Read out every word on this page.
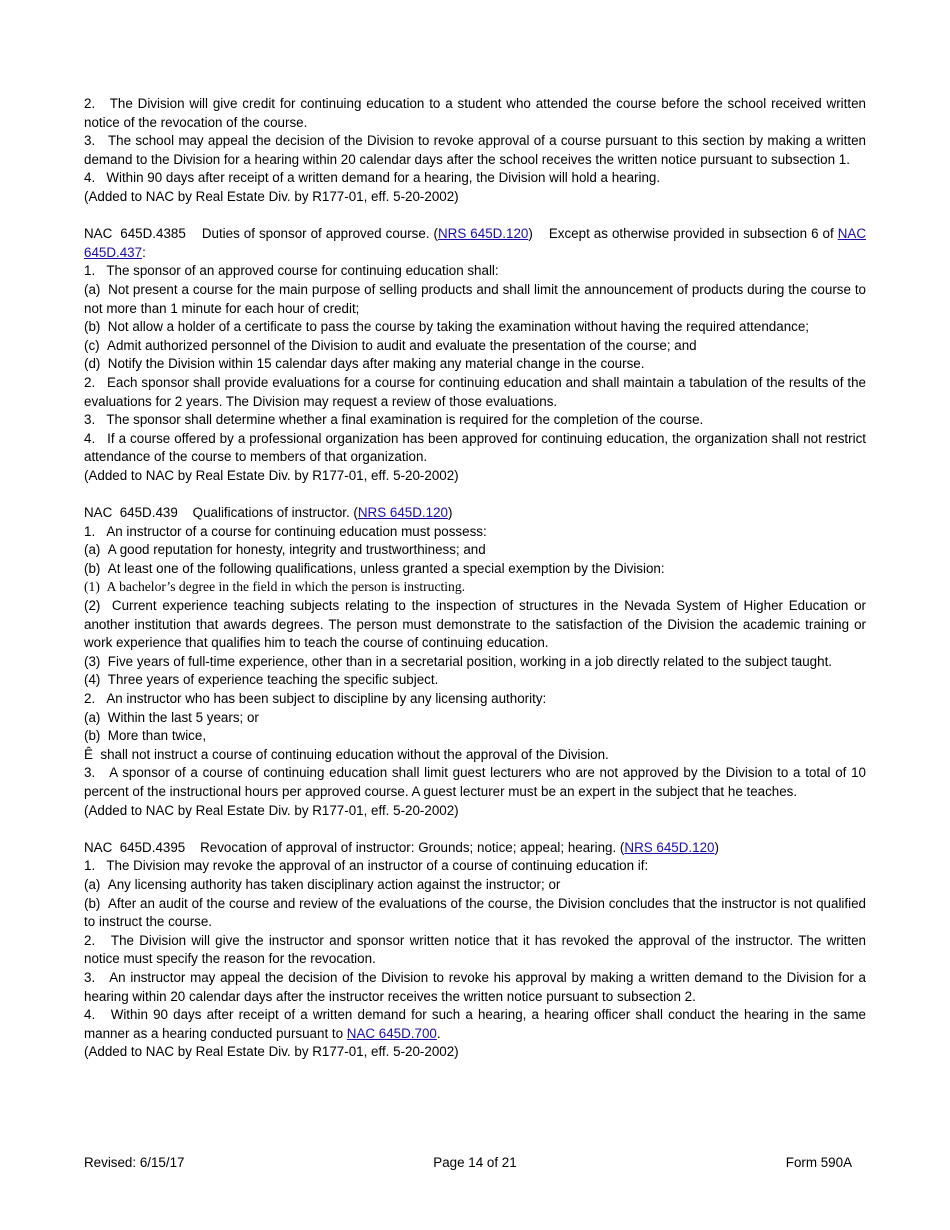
2.   The Division will give credit for continuing education to a student who attended the course before the school received written notice of the revocation of the course.

3.   The school may appeal the decision of the Division to revoke approval of a course pursuant to this section by making a written demand to the Division for a hearing within 20 calendar days after the school receives the written notice pursuant to subsection 1.

4.   Within 90 days after receipt of a written demand for a hearing, the Division will hold a hearing.

(Added to NAC by Real Estate Div. by R177-01, eff. 5-20-2002)

NAC  645D.4385    Duties of sponsor of approved course. (NRS 645D.120)    Except as otherwise provided in subsection 6 of NAC 645D.437:

1.   The sponsor of an approved course for continuing education shall:

(a)  Not present a course for the main purpose of selling products and shall limit the announcement of products during the course to not more than 1 minute for each hour of credit;

(b)  Not allow a holder of a certificate to pass the course by taking the examination without having the required attendance;

(c)  Admit authorized personnel of the Division to audit and evaluate the presentation of the course; and

(d)  Notify the Division within 15 calendar days after making any material change in the course.

2.   Each sponsor shall provide evaluations for a course for continuing education and shall maintain a tabulation of the results of the evaluations for 2 years. The Division may request a review of those evaluations.

3.   The sponsor shall determine whether a final examination is required for the completion of the course.

4.   If a course offered by a professional organization has been approved for continuing education, the organization shall not restrict attendance of the course to members of that organization.

(Added to NAC by Real Estate Div. by R177-01, eff. 5-20-2002)

NAC  645D.439    Qualifications of instructor. (NRS 645D.120)

1.   An instructor of a course for continuing education must possess:

(a)  A good reputation for honesty, integrity and trustworthiness; and

(b)  At least one of the following qualifications, unless granted a special exemption by the Division:

(1)  A bachelor’s degree in the field in which the person is instructing.

(2)  Current experience teaching subjects relating to the inspection of structures in the Nevada System of Higher Education or another institution that awards degrees. The person must demonstrate to the satisfaction of the Division the academic training or work experience that qualifies him to teach the course of continuing education.

(3)  Five years of full-time experience, other than in a secretarial position, working in a job directly related to the subject taught.

(4)  Three years of experience teaching the specific subject.

2.   An instructor who has been subject to discipline by any licensing authority:

(a)  Within the last 5 years; or

(b)  More than twice,

Ê  shall not instruct a course of continuing education without the approval of the Division.

3.   A sponsor of a course of continuing education shall limit guest lecturers who are not approved by the Division to a total of 10 percent of the instructional hours per approved course. A guest lecturer must be an expert in the subject that he teaches.

(Added to NAC by Real Estate Div. by R177-01, eff. 5-20-2002)

NAC  645D.4395    Revocation of approval of instructor: Grounds; notice; appeal; hearing. (NRS 645D.120)

1.   The Division may revoke the approval of an instructor of a course of continuing education if:

(a)  Any licensing authority has taken disciplinary action against the instructor; or

(b)  After an audit of the course and review of the evaluations of the course, the Division concludes that the instructor is not qualified to instruct the course.

2.   The Division will give the instructor and sponsor written notice that it has revoked the approval of the instructor. The written notice must specify the reason for the revocation.

3.   An instructor may appeal the decision of the Division to revoke his approval by making a written demand to the Division for a hearing within 20 calendar days after the instructor receives the written notice pursuant to subsection 2.

4.   Within 90 days after receipt of a written demand for such a hearing, a hearing officer shall conduct the hearing in the same manner as a hearing conducted pursuant to NAC 645D.700.

(Added to NAC by Real Estate Div. by R177-01, eff. 5-20-2002)

Revised: 6/15/17	Page 14 of 21	Form 590A
